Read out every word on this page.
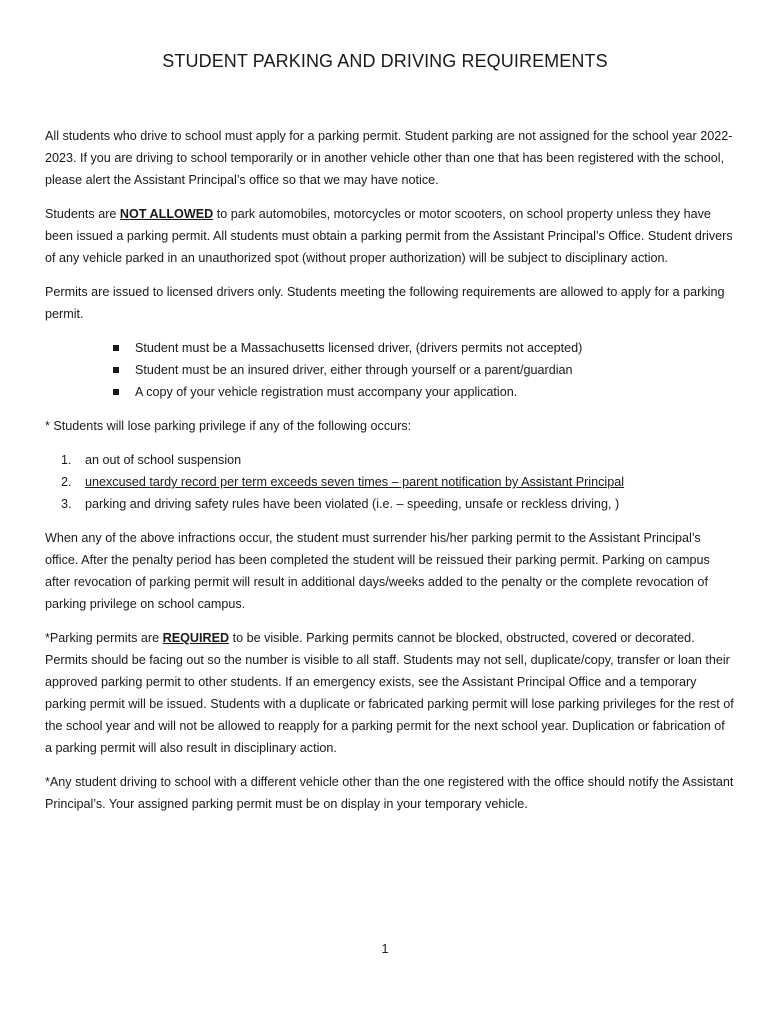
STUDENT PARKING AND DRIVING REQUIREMENTS

All students who drive to school must apply for a parking permit. Student parking are not assigned for the school year 2022-2023. If you are driving to school temporarily or in another vehicle other than one that has been registered with the school, please alert the Assistant Principal’s office so that we may have notice.

Students are NOT ALLOWED to park automobiles, motorcycles or motor scooters, on school property unless they have been issued a parking permit. All students must obtain a parking permit from the Assistant Principal’s Office. Student drivers of any vehicle parked in an unauthorized spot (without proper authorization) will be subject to disciplinary action.

Permits are issued to licensed drivers only. Students meeting the following requirements are allowed to apply for a parking permit.

Student must be a Massachusetts licensed driver, (drivers permits not accepted)
Student must be an insured driver, either through yourself or a parent/guardian
A copy of your vehicle registration must accompany your application.

* Students will lose parking privilege if any of the following occurs:

1. an out of school suspension
2. unexcused tardy record per term exceeds seven times – parent notification by Assistant Principal
3. parking and driving safety rules have been violated (i.e. – speeding, unsafe or reckless driving, )

When any of the above infractions occur, the student must surrender his/her parking permit to the Assistant Principal’s office. After the penalty period has been completed the student will be reissued their parking permit. Parking on campus after revocation of parking permit will result in additional days/weeks added to the penalty or the complete revocation of parking privilege on school campus.

*Parking permits are REQUIRED to be visible. Parking permits cannot be blocked, obstructed, covered or decorated. Permits should be facing out so the number is visible to all staff. Students may not sell, duplicate/copy, transfer or loan their approved parking permit to other students. If an emergency exists, see the Assistant Principal Office and a temporary parking permit will be issued. Students with a duplicate or fabricated parking permit will lose parking privileges for the rest of the school year and will not be allowed to reapply for a parking permit for the next school year. Duplication or fabrication of a parking permit will also result in disciplinary action.

*Any student driving to school with a different vehicle other than the one registered with the office should notify the Assistant Principal’s. Your assigned parking permit must be on display in your temporary vehicle.

1
